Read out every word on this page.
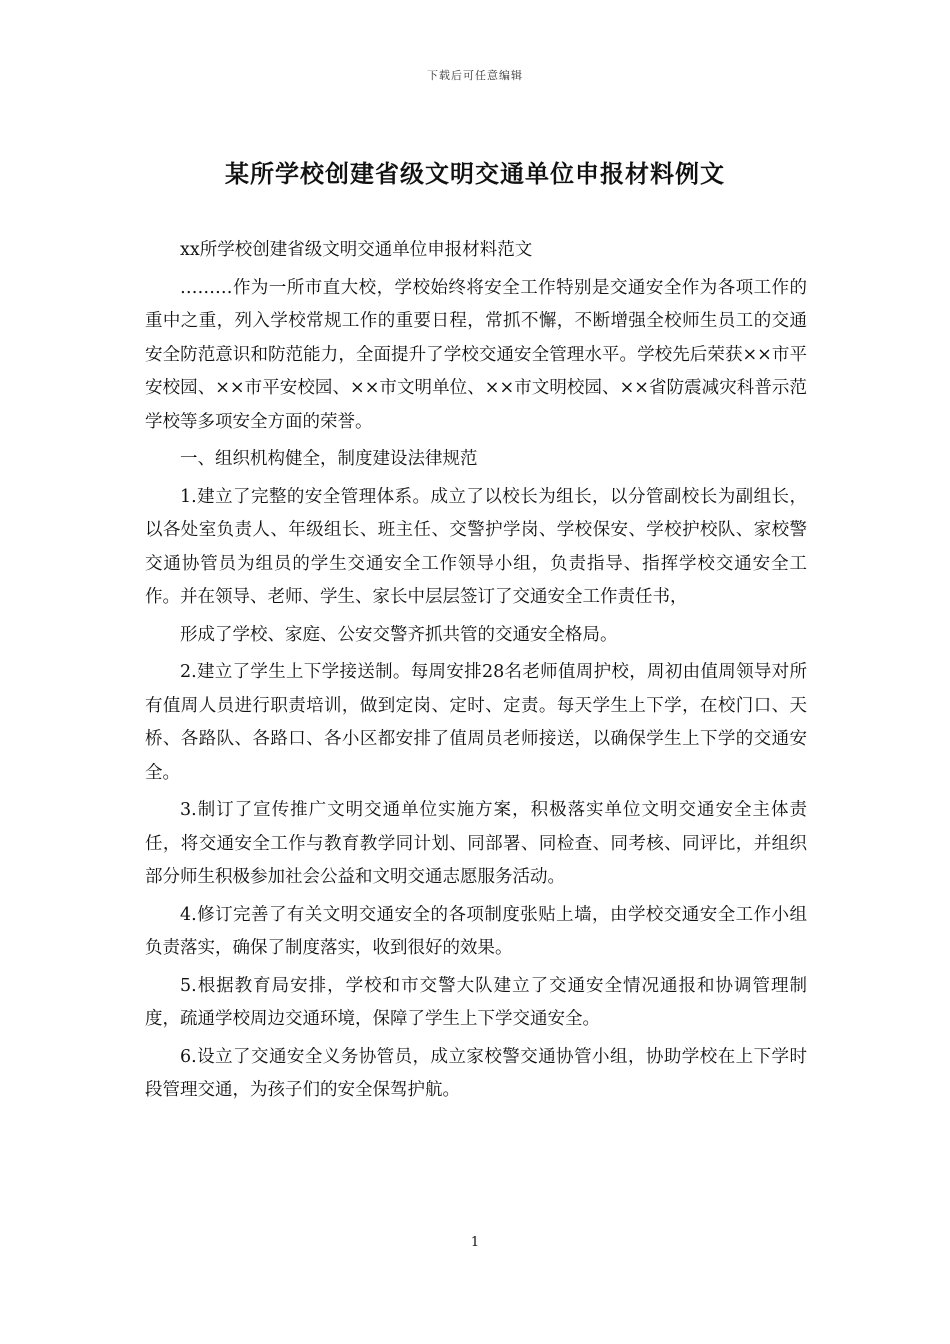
下载后可任意编辑
某所学校创建省级文明交通单位申报材料例文

xx所学校创建省级文明交通单位申报材料范文

………作为一所市直大校，学校始终将安全工作特别是交通安全作为各项工作的重中之重，列入学校常规工作的重要日程，常抓不懈，不断增强全校师生员工的交通安全防范意识和防范能力，全面提升了学校交通安全管理水平。学校先后荣获××市平安校园、××市平安校园、××市文明单位、××市文明校园、××省防震减灾科普示范学校等多项安全方面的荣誉。

一、组织机构健全，制度建设法律规范

1.建立了完整的安全管理体系。成立了以校长为组长，以分管副校长为副组长，以各处室负责人、年级组长、班主任、交警护学岗、学校保安、学校护校队、家校警交通协管员为组员的学生交通安全工作领导小组，负责指导、指挥学校交通安全工作。并在领导、老师、学生、家长中层层签订了交通安全工作责任书，

形成了学校、家庭、公安交警齐抓共管的交通安全格局。

2.建立了学生上下学接送制。每周安排28名老师值周护校，周初由值周领导对所有值周人员进行职责培训，做到定岗、定时、定责。每天学生上下学，在校门口、天桥、各路队、各路口、各小区都安排了值周员老师接送，以确保学生上下学的交通安全。

3.制订了宣传推广文明交通单位实施方案，积极落实单位文明交通安全主体责任，将交通安全工作与教育教学同计划、同部署、同检查、同考核、同评比，并组织部分师生积极参加社会公益和文明交通志愿服务活动。

4.修订完善了有关文明交通安全的各项制度张贴上墙，由学校交通安全工作小组负责落实，确保了制度落实，收到很好的效果。

5.根据教育局安排，学校和市交警大队建立了交通安全情况通报和协调管理制度，疏通学校周边交通环境，保障了学生上下学交通安全。

6.设立了交通安全义务协管员，成立家校警交通协管小组，协助学校在上下学时段管理交通，为孩子们的安全保驾护航。

1
